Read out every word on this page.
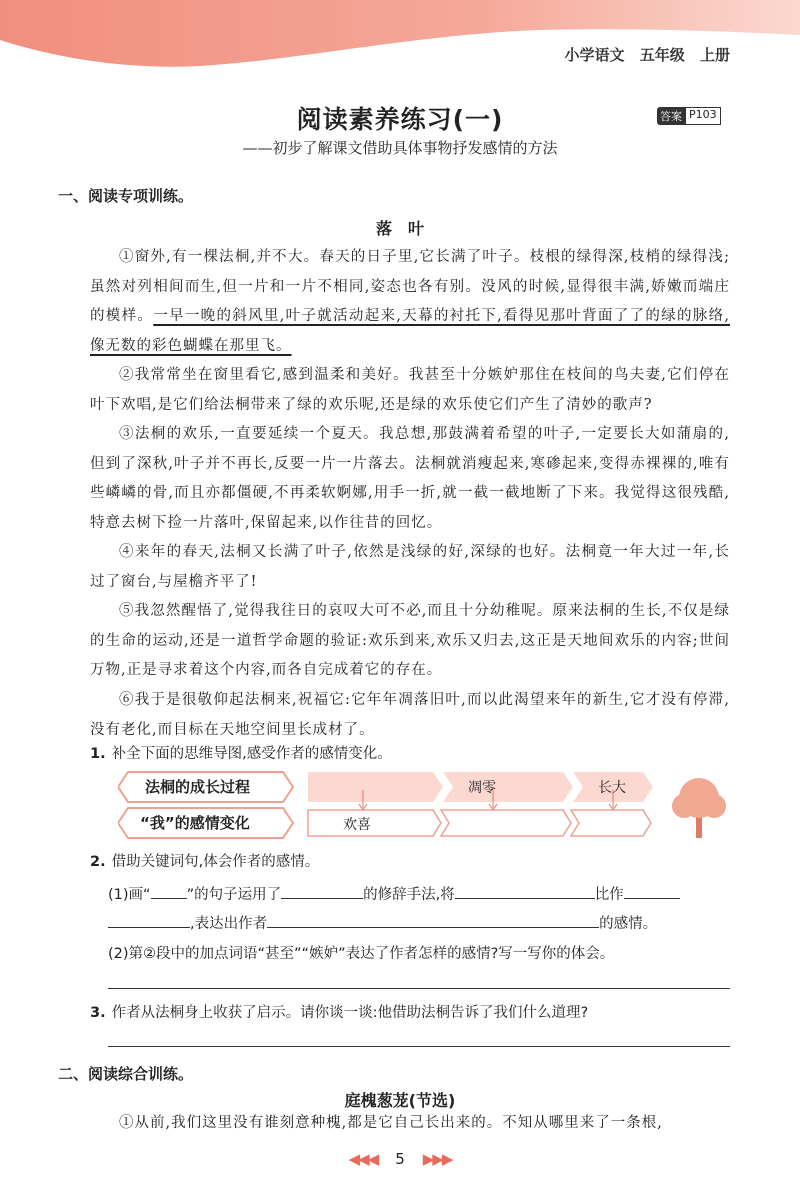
小学语文 五年级 上册
阅读素养练习(一)	答案 P103
——初步了解课文借助具体事物抒发感情的方法
一、阅读专项训练。
落　叶

①窗外,有一棵法桐,并不大。春天的日子里,它长满了叶子。枝根的绿得深,枝梢的绿得浅;虽然对列相间而生,但一片和一片不相同,姿态也各有别。没风的时候,显得很丰满,娇嫩而端庄的模样。一早一晚的斜风里,叶子就活动起来,天幕的衬托下,看得见那叶背面了了的绿的脉络,像无数的彩色蝴蝶在那里飞。

②我常常坐在窗里看它,感到温柔和美好。我甚至十分嫉妒那住在枝间的鸟夫妻,它们停在叶下欢唱,是它们给法桐带来了绿的欢乐呢,还是绿的欢乐使它们产生了清妙的歌声?

③法桐的欢乐,一直要延续一个夏天。我总想,那鼓满着希望的叶子,一定要长大如蒲扇的,但到了深秋,叶子并不再长,反要一片一片落去。法桐就消瘦起来,寒碜起来,变得赤裸裸的,唯有些嶙嶙的骨,而且亦都僵硬,不再柔软婀娜,用手一折,就一截一截地断了下来。我觉得这很残酷,特意去树下捡一片落叶,保留起来,以作往昔的回忆。

④来年的春天,法桐又长满了叶子,依然是浅绿的好,深绿的也好。法桐竟一年大过一年,长过了窗台,与屋檐齐平了!

⑤我忽然醒悟了,觉得我往日的哀叹大可不必,而且十分幼稚呢。原来法桐的生长,不仅是绿的生命的运动,还是一道哲学命题的验证:欢乐到来,欢乐又归去,这正是天地间欢乐的内容;世间万物,正是寻求着这个内容,而各自完成着它的存在。

⑥我于是很敬仰起法桐来,祝福它:它年年凋落旧叶,而以此渴望来年的新生,它才没有停滞,没有老化,而目标在天地空间里长成材了。

1. 补全下面的思维导图,感受作者的感情变化。
法桐的成长过程
“我”的感情变化
凋零	长大
欢喜
2. 借助关键词句,体会作者的感情。
(1)画“ ”的句子运用了	的修辞手法,将	比作
,表达出作者	的感情。
(2)第②段中的加点词语“甚至”“嫉妒”表达了作者怎样的感情?写一写你的体会。
3. 作者从法桐身上收获了启示。请你谈一谈:他借助法桐告诉了我们什么道理?
二、阅读综合训练。
庭槐葱茏(节选)

①从前,我们这里没有谁刻意种槐,都是它自己长出来的。不知从哪里来了一条根,

◀◀◀ 5 ▶▶▶
